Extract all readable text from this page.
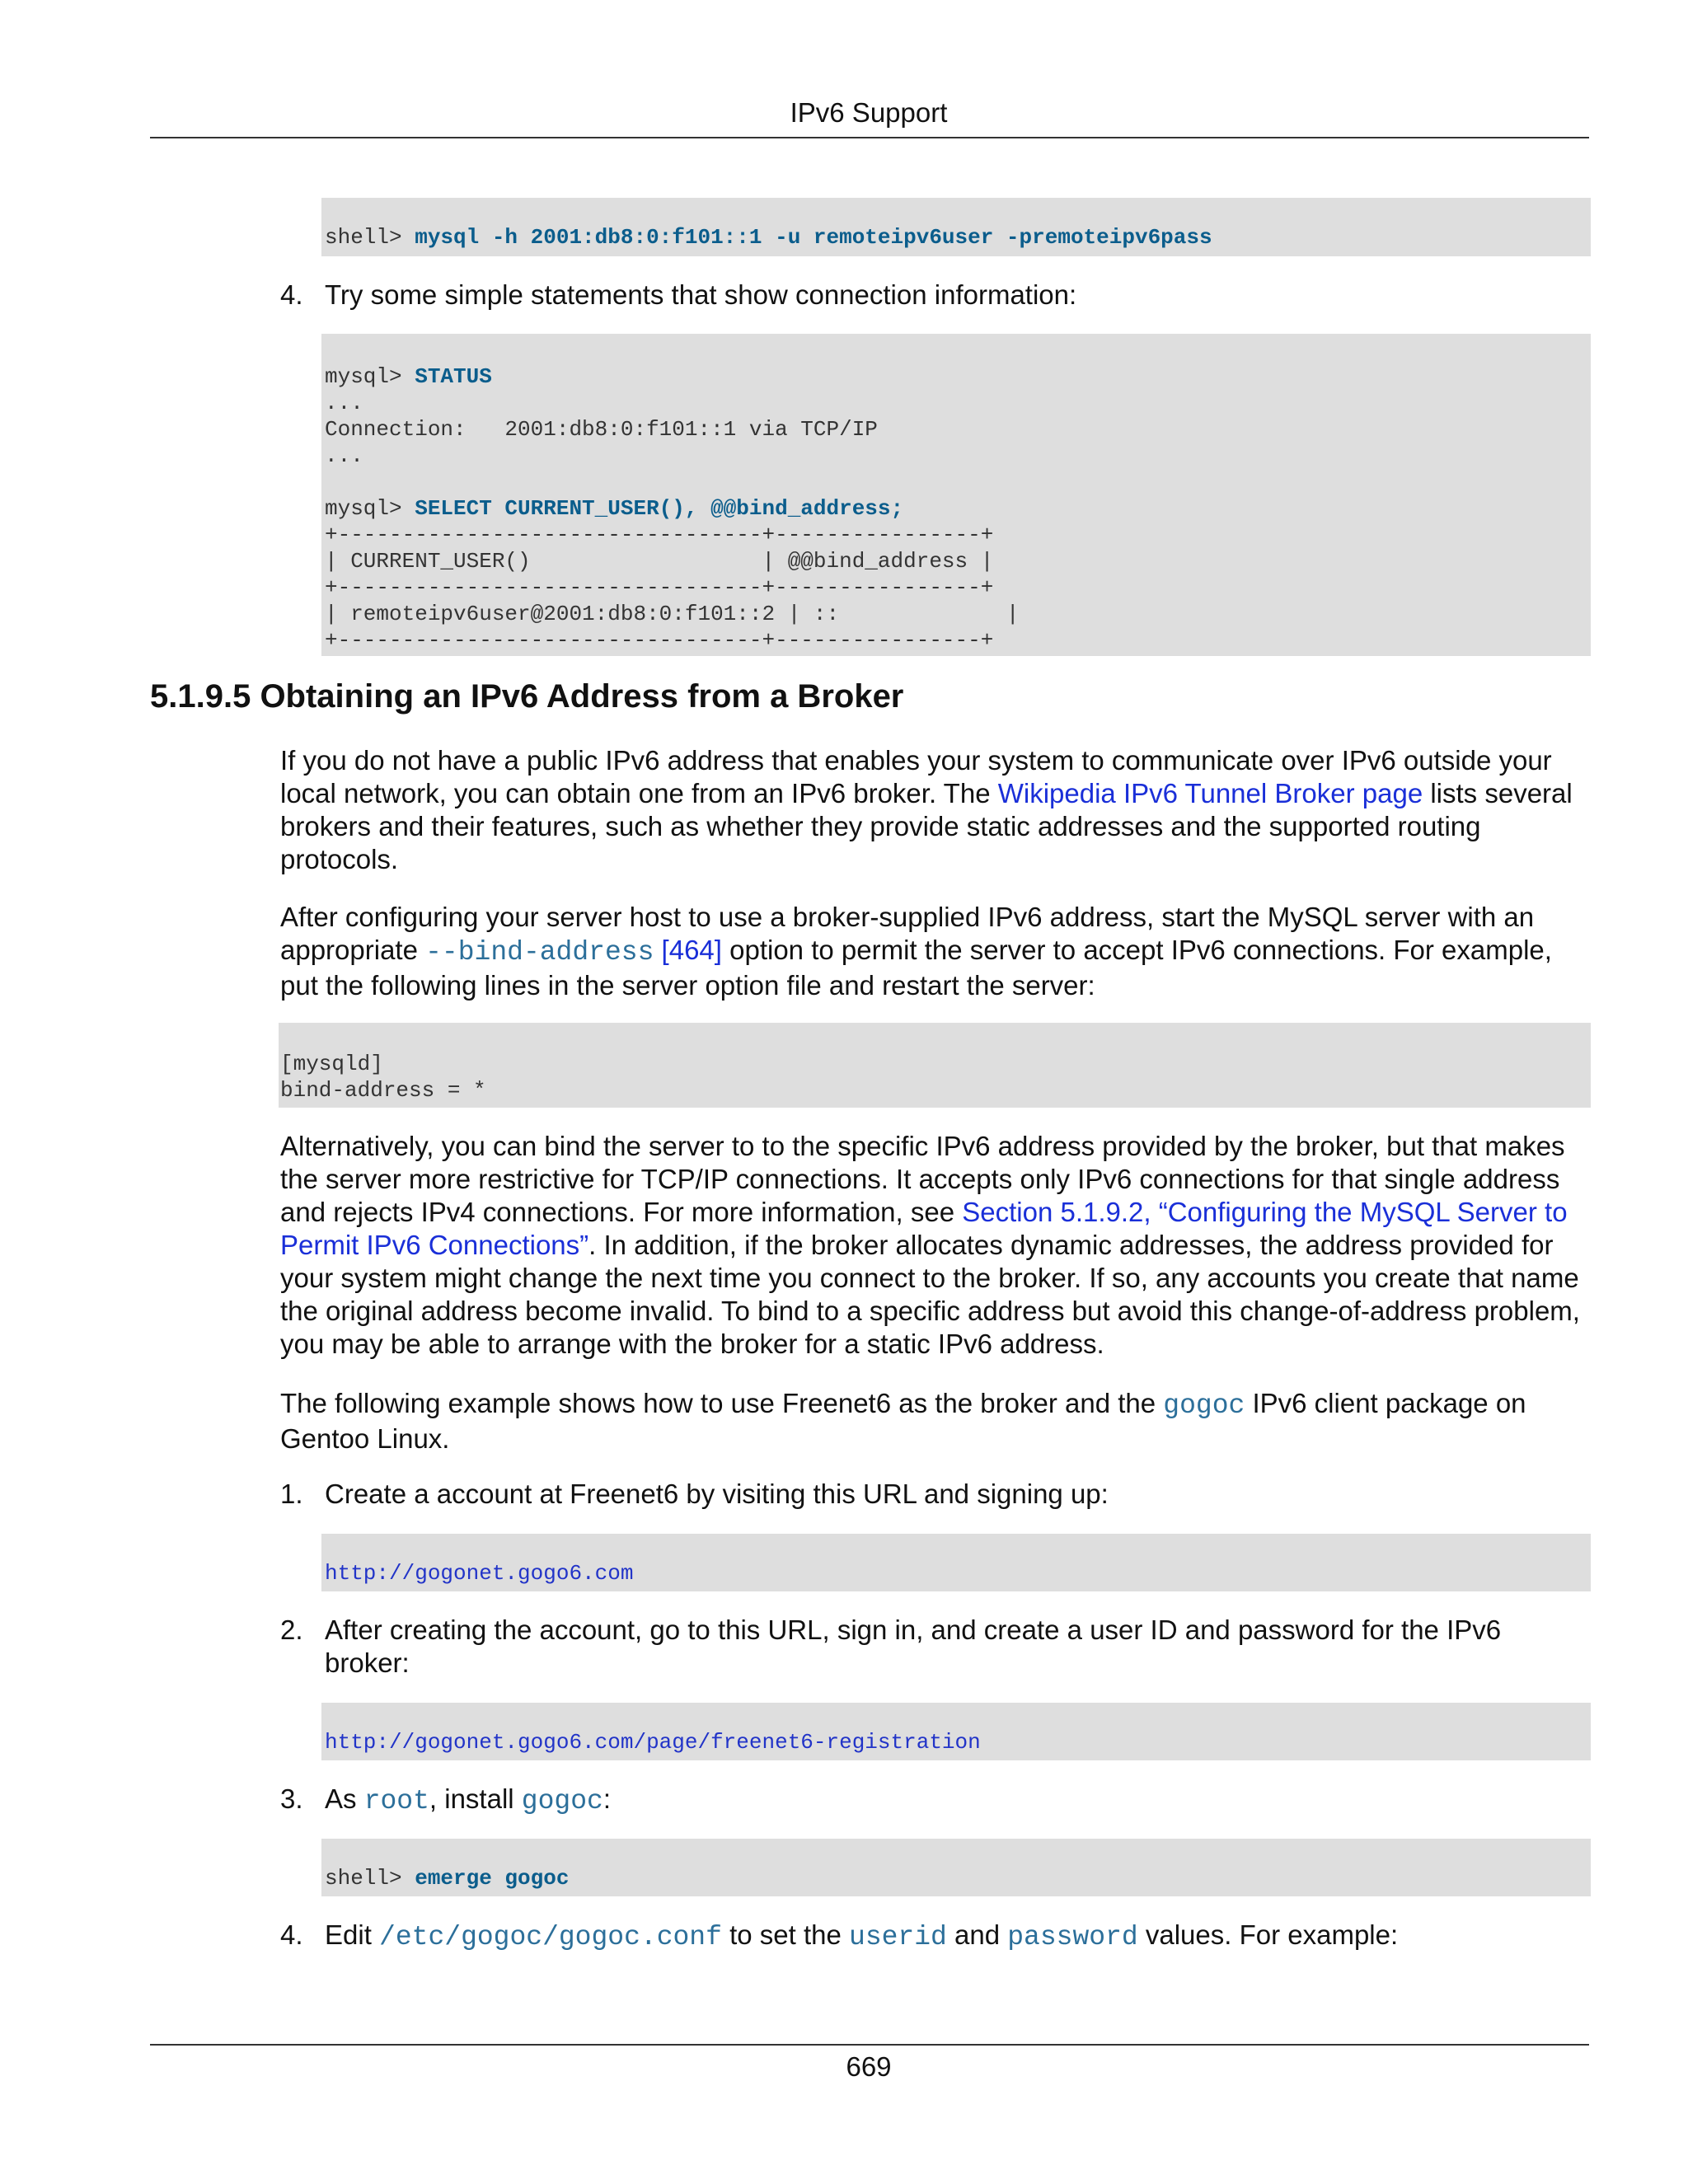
IPv6 Support
shell> mysql -h 2001:db8:0:f101::1 -u remoteipv6user -premoteipv6pass
4. Try some simple statements that show connection information:
mysql> STATUS
...
Connection:   2001:db8:0:f101::1 via TCP/IP
...

mysql> SELECT CURRENT_USER(), @@bind_address;
+---------------------------------+----------------+
| CURRENT_USER()                  | @@bind_address |
+---------------------------------+----------------+
| remoteipv6user@2001:db8:0:f101::2 | ::             |
+---------------------------------+----------------+
5.1.9.5 Obtaining an IPv6 Address from a Broker

If you do not have a public IPv6 address that enables your system to communicate over IPv6 outside your local network, you can obtain one from an IPv6 broker. The Wikipedia IPv6 Tunnel Broker page lists several brokers and their features, such as whether they provide static addresses and the supported routing protocols.

After configuring your server host to use a broker-supplied IPv6 address, start the MySQL server with an appropriate --bind-address [464] option to permit the server to accept IPv6 connections. For example, put the following lines in the server option file and restart the server:

[mysqld]
bind-address = *

Alternatively, you can bind the server to to the specific IPv6 address provided by the broker, but that makes the server more restrictive for TCP/IP connections. It accepts only IPv6 connections for that single address and rejects IPv4 connections. For more information, see Section 5.1.9.2, “Configuring the MySQL Server to Permit IPv6 Connections”. In addition, if the broker allocates dynamic addresses, the address provided for your system might change the next time you connect to the broker. If so, any accounts you create that name the original address become invalid. To bind to a specific address but avoid this change-of-address problem, you may be able to arrange with the broker for a static IPv6 address.

The following example shows how to use Freenet6 as the broker and the gogoc IPv6 client package on Gentoo Linux.

1. Create a account at Freenet6 by visiting this URL and signing up:
http://gogonet.gogo6.com
2. After creating the account, go to this URL, sign in, and create a user ID and password for the IPv6 broker:
http://gogonet.gogo6.com/page/freenet6-registration
3. As root, install gogoc:
shell> emerge gogoc
4. Edit /etc/gogoc/gogoc.conf to set the userid and password values. For example:
669
